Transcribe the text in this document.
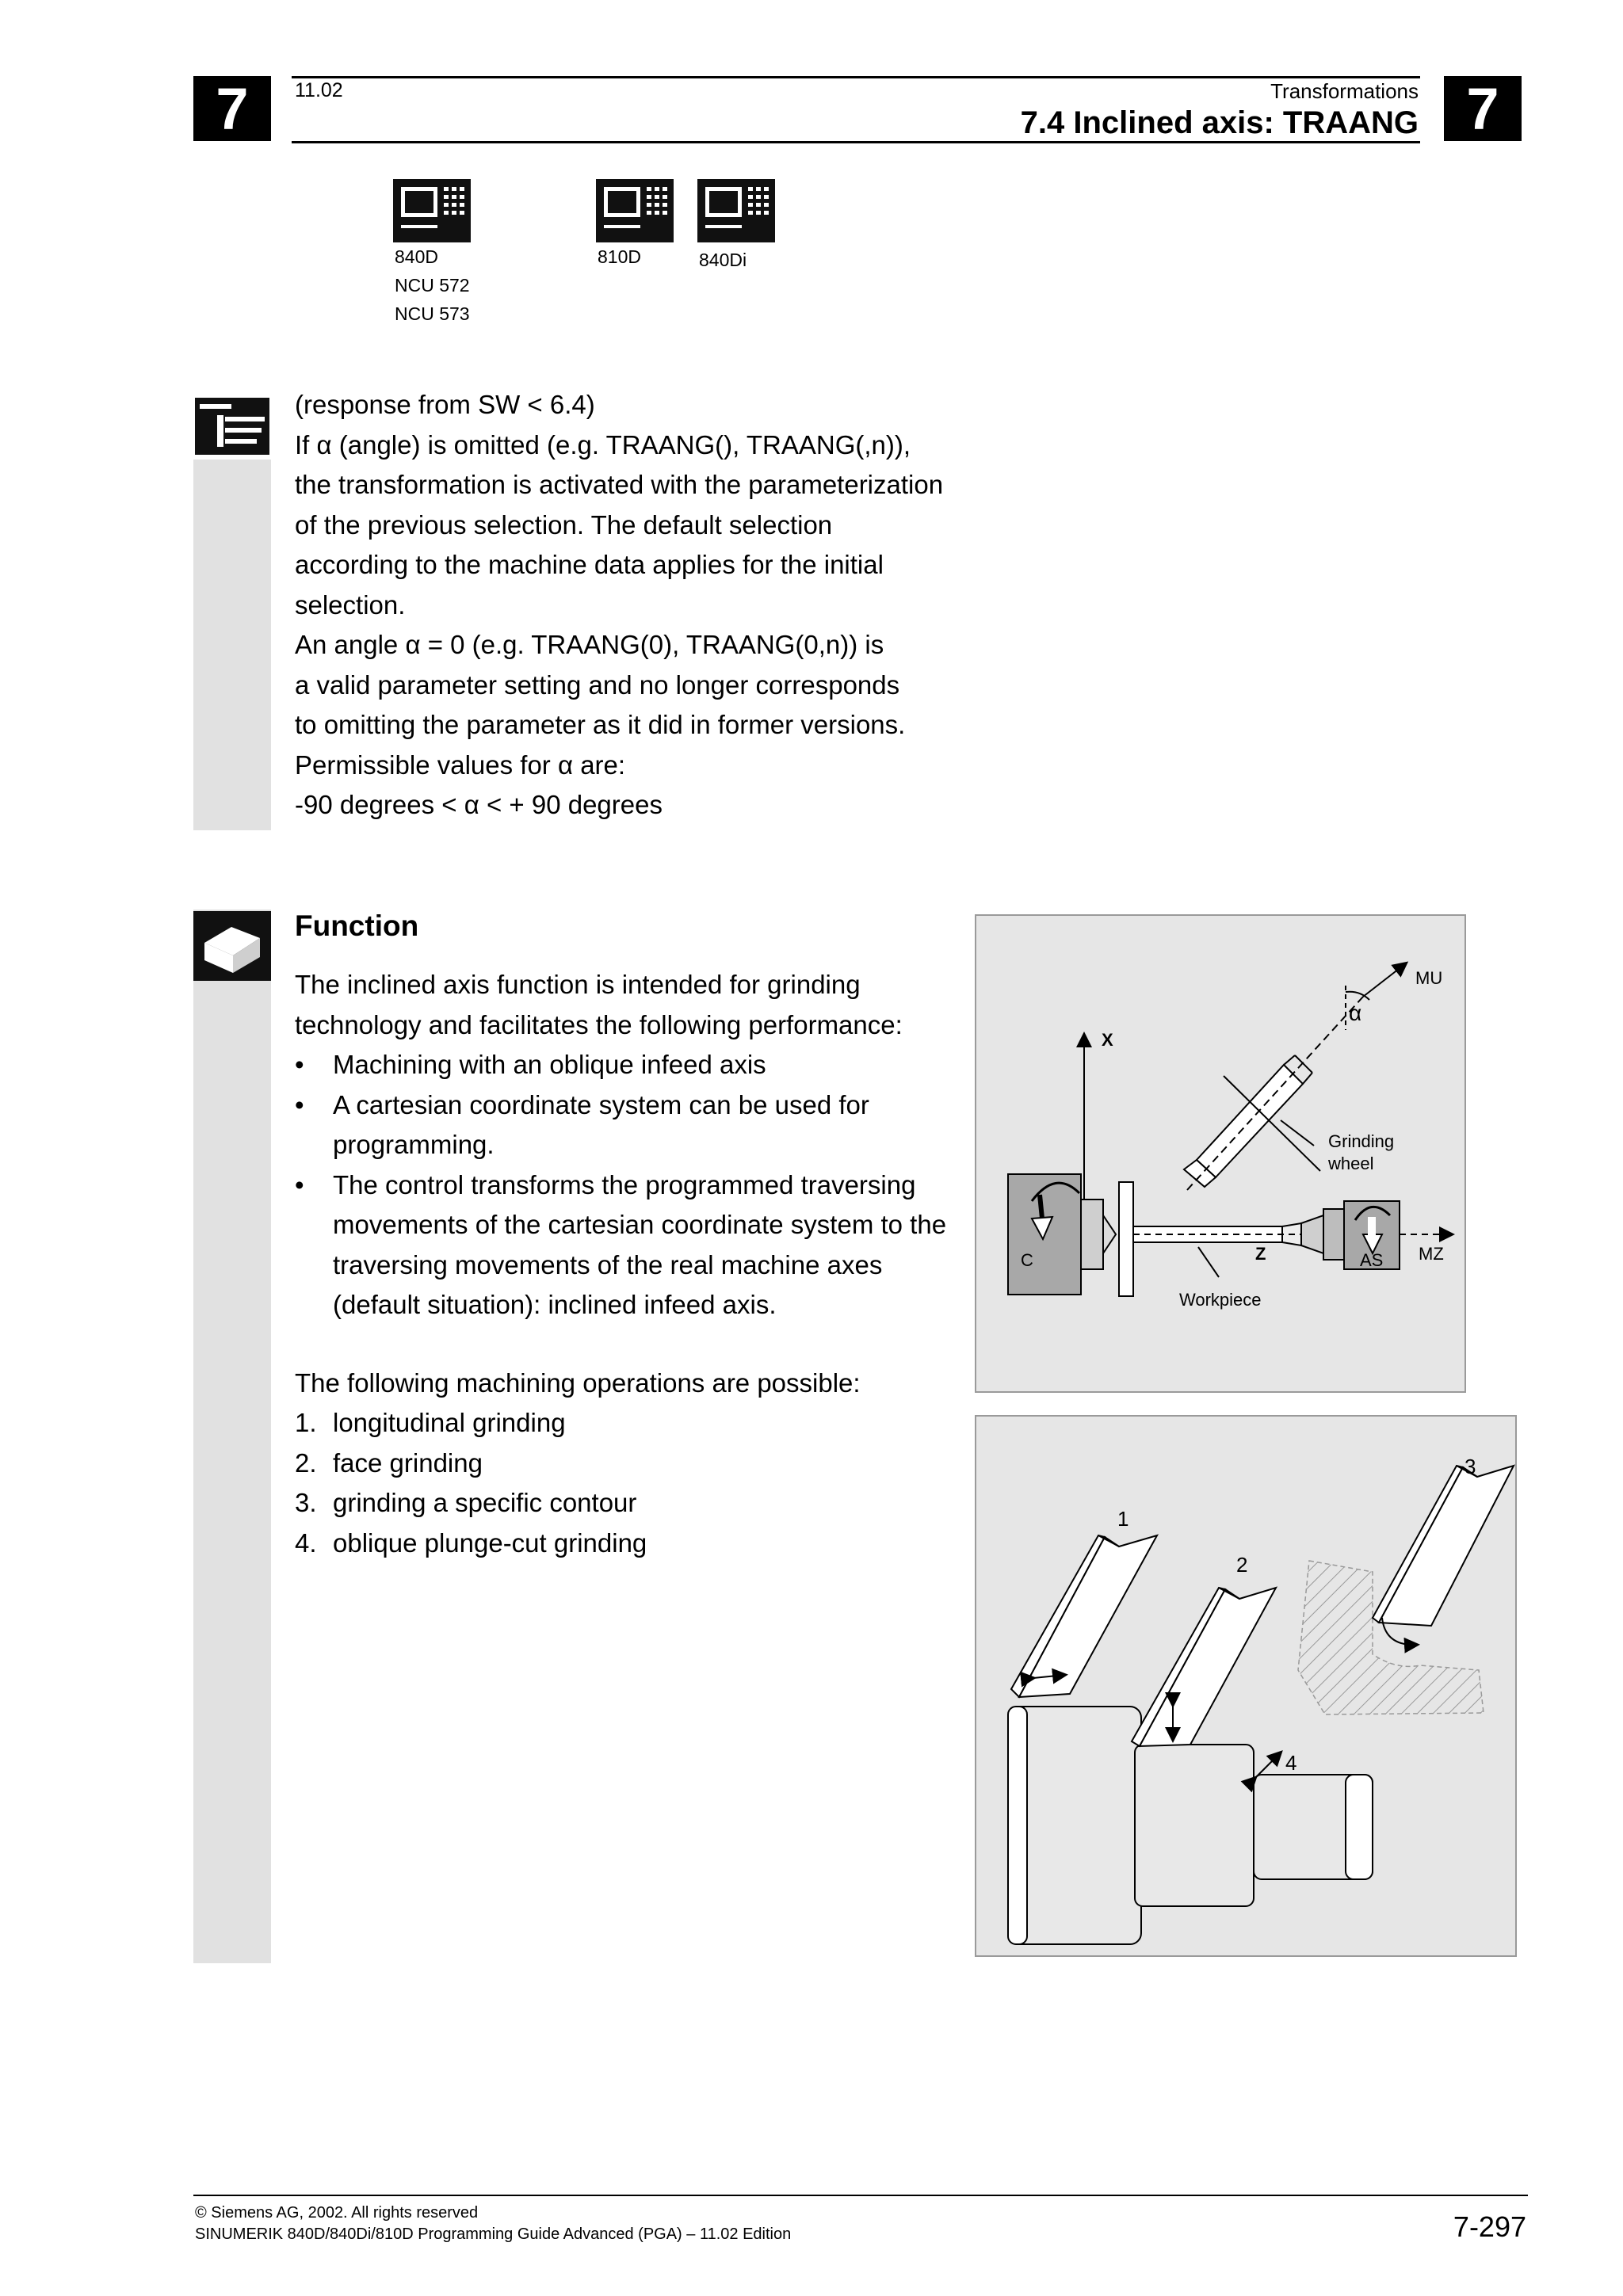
7	7
11.02	Transformations
7.4 Inclined axis: TRAANG
840D
NCU 572
NCU 573
810D	840Di

(response from SW < 6.4)

If α (angle) is omitted (e.g. TRAANG(), TRAANG(,n)),

the transformation is activated with the parameterization

of the previous selection. The default selection

according to the machine data applies for the initial

selection.

An angle α = 0 (e.g. TRAANG(0), TRAANG(0,n)) is

a valid parameter setting and no longer corresponds

to omitting the parameter as it did in former versions.

Permissible values for α are:

-90 degrees < α < + 90 degrees

Function

The inclined axis function is intended for grinding

technology and facilitates the following performance:

• Machining with an oblique infeed axis
• A cartesian coordinate system can be used for programming.
• The control transforms the programmed traversing movements of the cartesian coordinate system to the traversing movements of the real machine axes (default situation): inclined infeed axis.

The following machining operations are possible:

1. longitudinal grinding
2. face grinding
3. grinding a specific contour
4. oblique plunge-cut grinding
X
C
Workpiece
Z	AS MZ
MU
α
Grinding
wheel
1
2
3
4
© Siemens AG, 2002. All rights reserved
SINUMERIK 840D/840Di/810D Programming Guide Advanced (PGA) – 11.02 Edition	7-297
